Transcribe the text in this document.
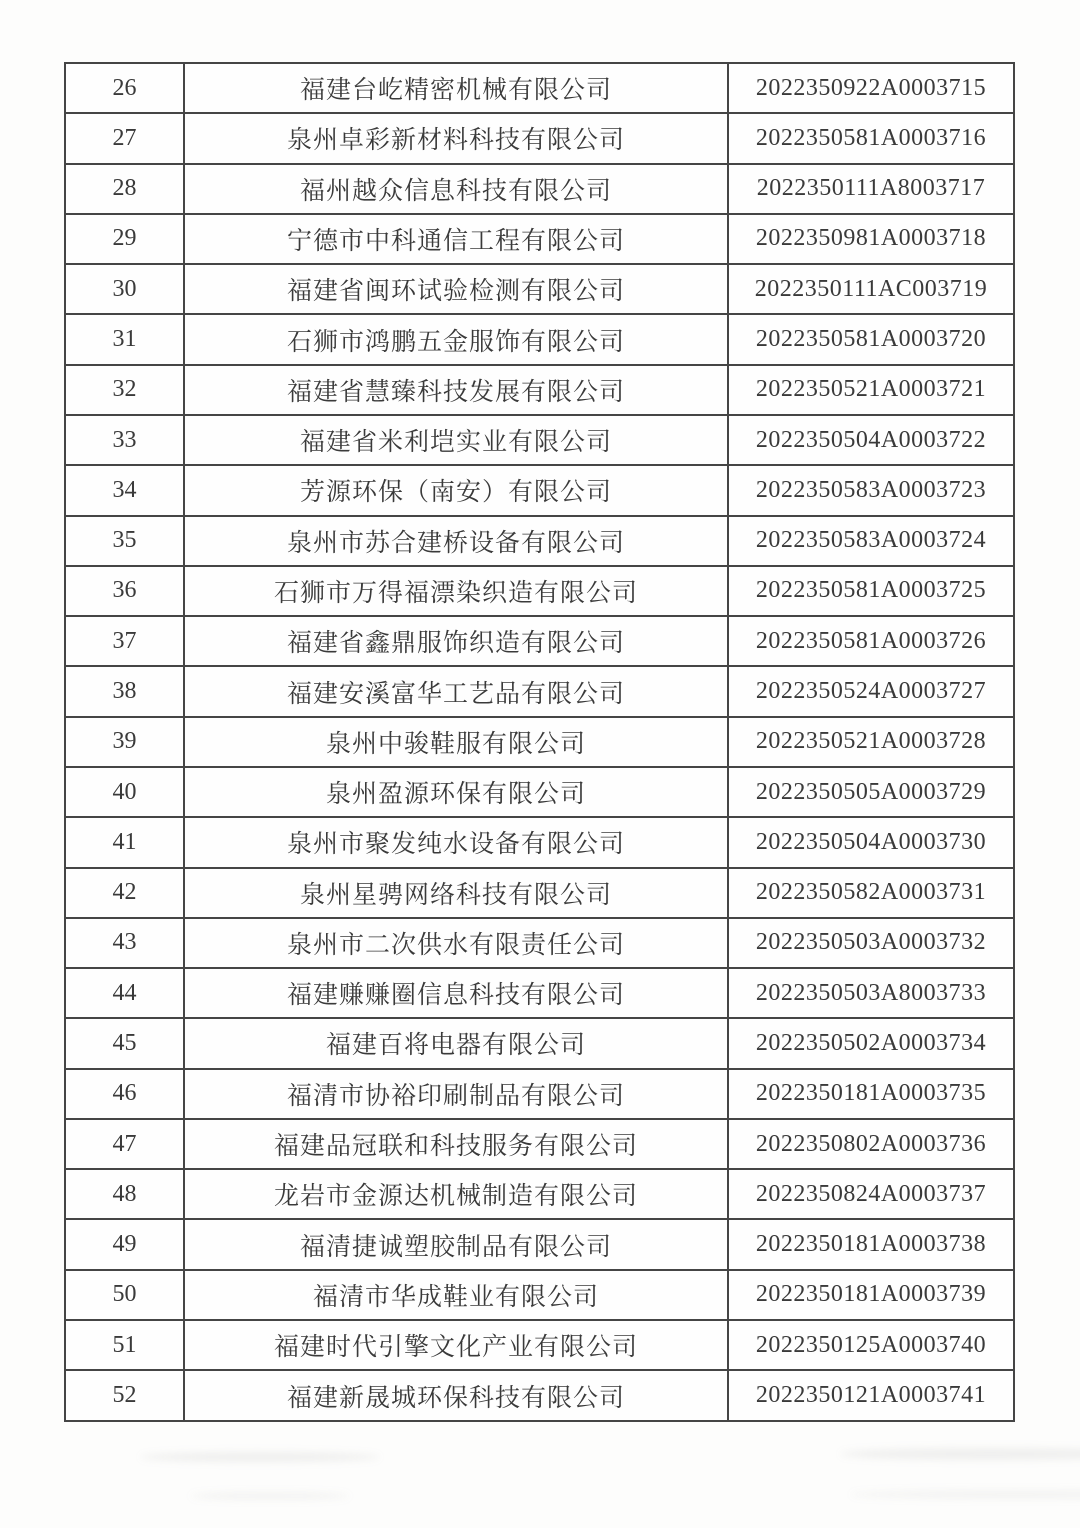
26	福建台屹精密机械有限公司	2022350922A0003715
27	泉州卓彩新材料科技有限公司	2022350581A0003716
28	福州越众信息科技有限公司	2022350111A8003717
29	宁德市中科通信工程有限公司	2022350981A0003718
30	福建省闽环试验检测有限公司	2022350111AC003719
31	石狮市鸿鹏五金服饰有限公司	2022350581A0003720
32	福建省慧臻科技发展有限公司	2022350521A0003721
33	福建省米利垲实业有限公司	2022350504A0003722
34	芳源环保（南安）有限公司	2022350583A0003723
35	泉州市苏合建桥设备有限公司	2022350583A0003724
36	石狮市万得福漂染织造有限公司	2022350581A0003725
37	福建省鑫鼎服饰织造有限公司	2022350581A0003726
38	福建安溪富华工艺品有限公司	2022350524A0003727
39	泉州中骏鞋服有限公司	2022350521A0003728
40	泉州盈源环保有限公司	2022350505A0003729
41	泉州市聚发纯水设备有限公司	2022350504A0003730
42	泉州星骋网络科技有限公司	2022350582A0003731
43	泉州市二次供水有限责任公司	2022350503A0003732
44	福建赚赚圈信息科技有限公司	2022350503A8003733
45	福建百将电器有限公司	2022350502A0003734
46	福清市协裕印刷制品有限公司	2022350181A0003735
47	福建品冠联和科技服务有限公司	2022350802A0003736
48	龙岩市金源达机械制造有限公司	2022350824A0003737
49	福清捷诚塑胶制品有限公司	2022350181A0003738
50	福清市华成鞋业有限公司	2022350181A0003739
51	福建时代引擎文化产业有限公司	2022350125A0003740
52	福建新晟城环保科技有限公司	2022350121A0003741
